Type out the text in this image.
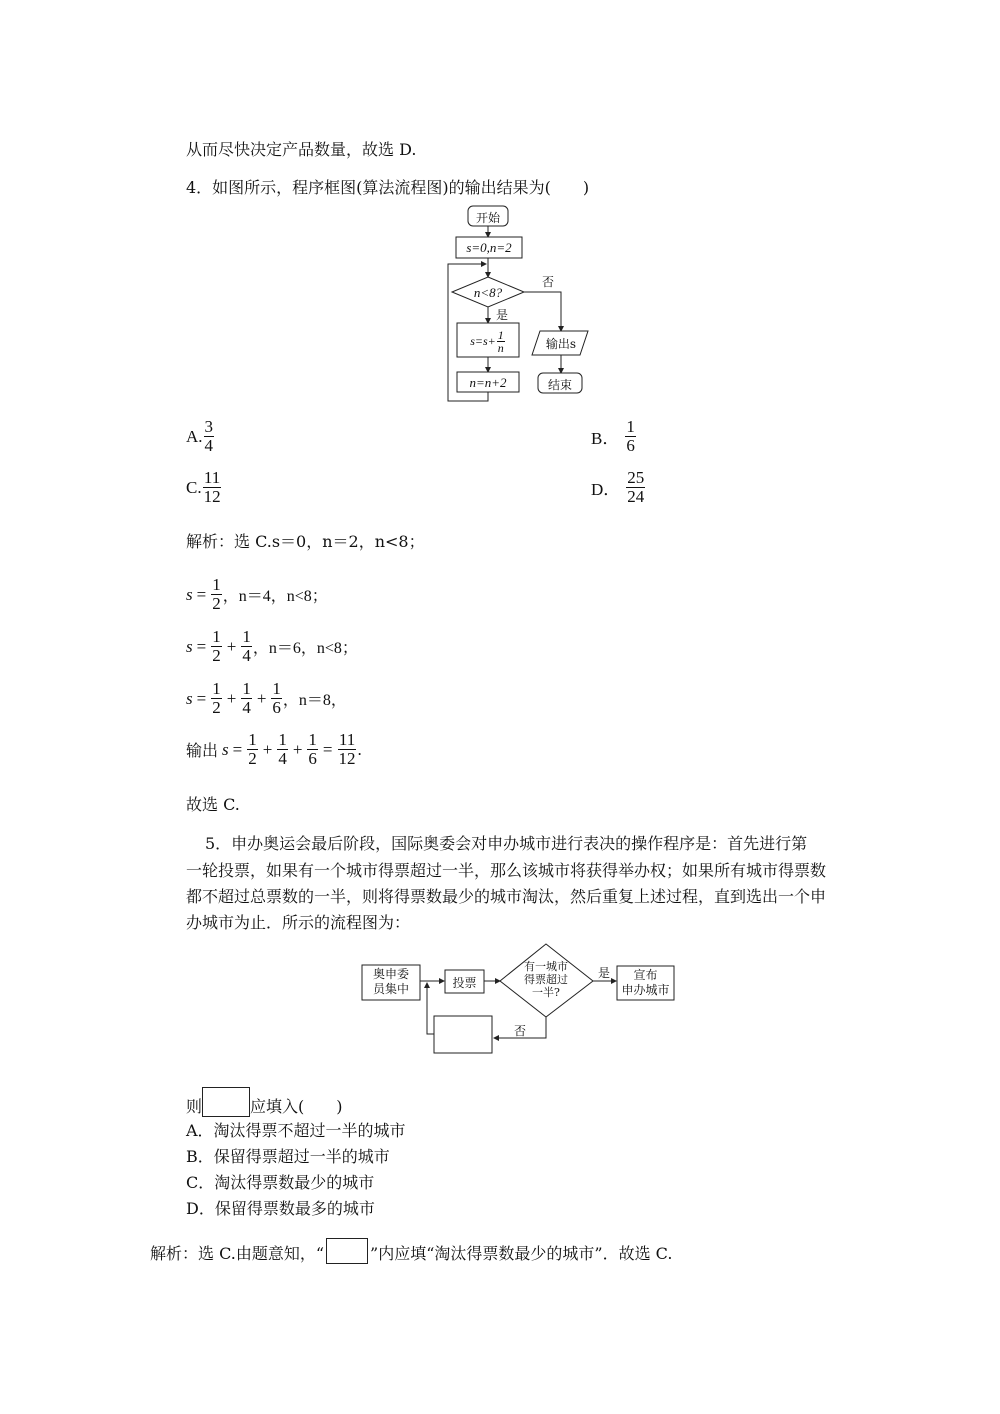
从而尽快决定产品数量，故选 D.
4．如图所示，程序框图(算法流程图)的输出结果为(　　)
开始
s=0,n=2
n<8?
否
是
$s=s+ \frac{1}{n}$
n=n+2
输出s
结束
A. $\frac{3}{4}$	B． $\frac{1}{6}$
C. $\frac{11}{12}$	D． $\frac{25}{24}$
解析：选 C.s＝0，n＝2，n<8；
$s = \frac{1}{2}$ ，n＝4，n<8；
$s = \frac{1}{2} + \frac{1}{4}$ ，n＝6，n<8；
$s = \frac{1}{2} + \frac{1}{4} + \frac{1}{6}$ ，n＝8，
输出 $s = \frac{1}{2} + \frac{1}{4} + \frac{1}{6} = \frac{11}{12}$ .
故选 C.
5．申办奥运会最后阶段，国际奥委会对申办城市进行表决的操作程序是：首先进行第
一轮投票，如果有一个城市得票超过一半，那么该城市将获得举办权；如果所有城市得票数
都不超过总票数的一半，则将得票数最少的城市淘汰，然后重复上述过程，直到选出一个申
办城市为止．所示的流程图为：
奥申委
员集中	投票
有一城市
得票超过
一半?
是	宣布
申办城市
否
则	应填入(　　)
A．淘汰得票不超过一半的城市
B．保留得票超过一半的城市
C．淘汰得票数最少的城市
D．保留得票数最多的城市
解析：选 C.由题意知，“	”内应填“淘汰得票数最少的城市”．故选 C.
